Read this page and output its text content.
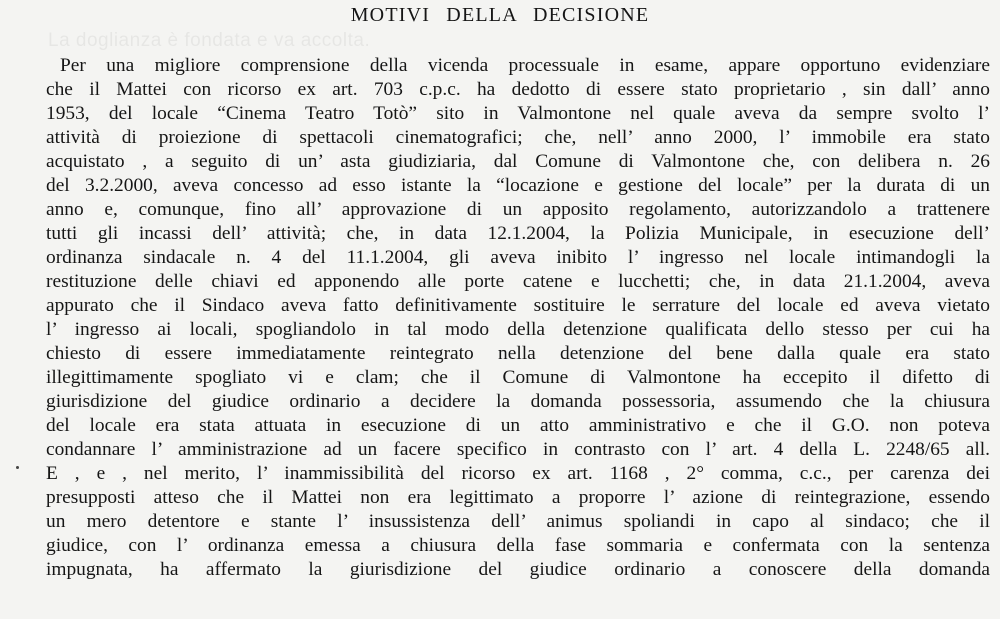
La doglianza è fondata e va accolta.
MOTIVI DELLA DECISIONE
Per una migliore comprensione della vicenda processuale in esame, appare opportuno evidenziare
che il Mattei con ricorso ex art. 703 c.p.c. ha dedotto di essere stato proprietario , sin dall’ anno
1953, del locale “Cinema Teatro Totò” sito in Valmontone nel quale aveva da sempre svolto l’
attività di proiezione di spettacoli cinematografici; che, nell’ anno 2000, l’ immobile era stato
acquistato , a seguito di un’ asta giudiziaria, dal Comune di Valmontone che, con delibera n. 26
del 3.2.2000, aveva concesso ad esso istante la “locazione e gestione del locale” per la durata di un
anno e, comunque, fino all’ approvazione di un apposito regolamento, autorizzandolo a trattenere
tutti gli incassi dell’ attività; che, in data 12.1.2004, la Polizia Municipale, in esecuzione dell’
ordinanza sindacale n. 4 del 11.1.2004, gli aveva inibito l’ ingresso nel locale intimandogli la
restituzione delle chiavi ed apponendo alle porte catene e lucchetti; che, in data 21.1.2004, aveva
appurato che il Sindaco aveva fatto definitivamente sostituire le serrature del locale ed aveva vietato
l’ ingresso ai locali, spogliandolo in tal modo della detenzione qualificata dello stesso per cui ha
chiesto di essere immediatamente reintegrato nella detenzione del bene dalla quale era stato
illegittimamente spogliato vi e clam; che il Comune di Valmontone ha eccepito il difetto di
giurisdizione del giudice ordinario a decidere la domanda possessoria, assumendo che la chiusura
del locale era stata attuata in esecuzione di un atto amministrativo e che il G.O. non poteva
condannare l’ amministrazione ad un facere specifico in contrasto con l’ art. 4 della L. 2248/65 all.
E , e , nel merito, l’ inammissibilità del ricorso ex art. 1168 , 2° comma, c.c., per carenza dei
presupposti atteso che il Mattei non era legittimato a proporre l’ azione di reintegrazione, essendo
un mero detentore e stante l’ insussistenza dell’ animus spoliandi in capo al sindaco; che il
giudice, con l’ ordinanza emessa a chiusura della fase sommaria e confermata con la sentenza
impugnata, ha affermato la giurisdizione del giudice ordinario a conoscere della domanda
